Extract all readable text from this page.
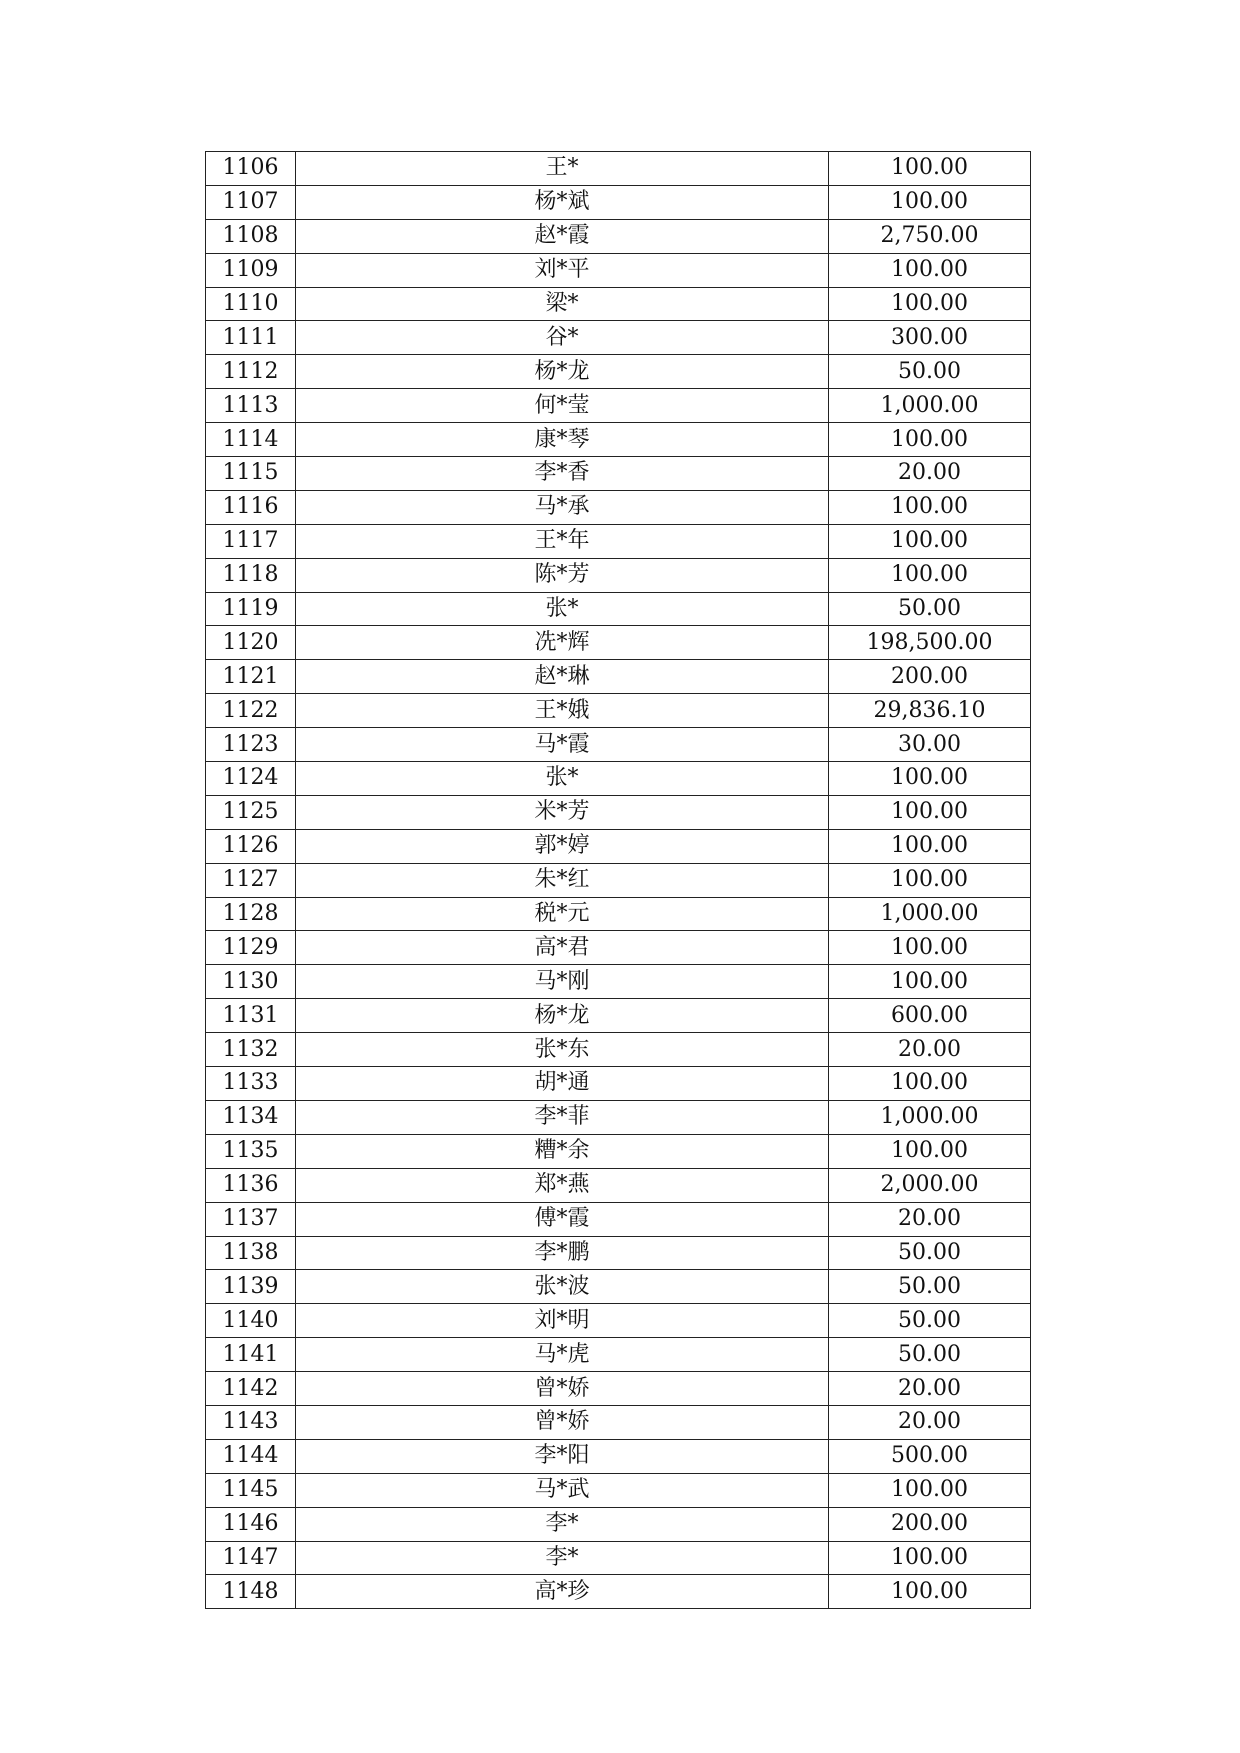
1106	王*	100.00
1107	杨*斌	100.00
1108	赵*霞	2,750.00
1109	刘*平	100.00
1110	梁*	100.00
1111	谷*	300.00
1112	杨*龙	50.00
1113	何*莹	1,000.00
1114	康*琴	100.00
1115	李*香	20.00
1116	马*承	100.00
1117	王*年	100.00
1118	陈*芳	100.00
1119	张*	50.00
1120	冼*辉	198,500.00
1121	赵*琳	200.00
1122	王*娥	29,836.10
1123	马*霞	30.00
1124	张*	100.00
1125	米*芳	100.00
1126	郭*婷	100.00
1127	朱*红	100.00
1128	税*元	1,000.00
1129	高*君	100.00
1130	马*刚	100.00
1131	杨*龙	600.00
1132	张*东	20.00
1133	胡*通	100.00
1134	李*菲	1,000.00
1135	糟*余	100.00
1136	郑*燕	2,000.00
1137	傅*霞	20.00
1138	李*鹏	50.00
1139	张*波	50.00
1140	刘*明	50.00
1141	马*虎	50.00
1142	曾*娇	20.00
1143	曾*娇	20.00
1144	李*阳	500.00
1145	马*武	100.00
1146	李*	200.00
1147	李*	100.00
1148	高*珍	100.00
